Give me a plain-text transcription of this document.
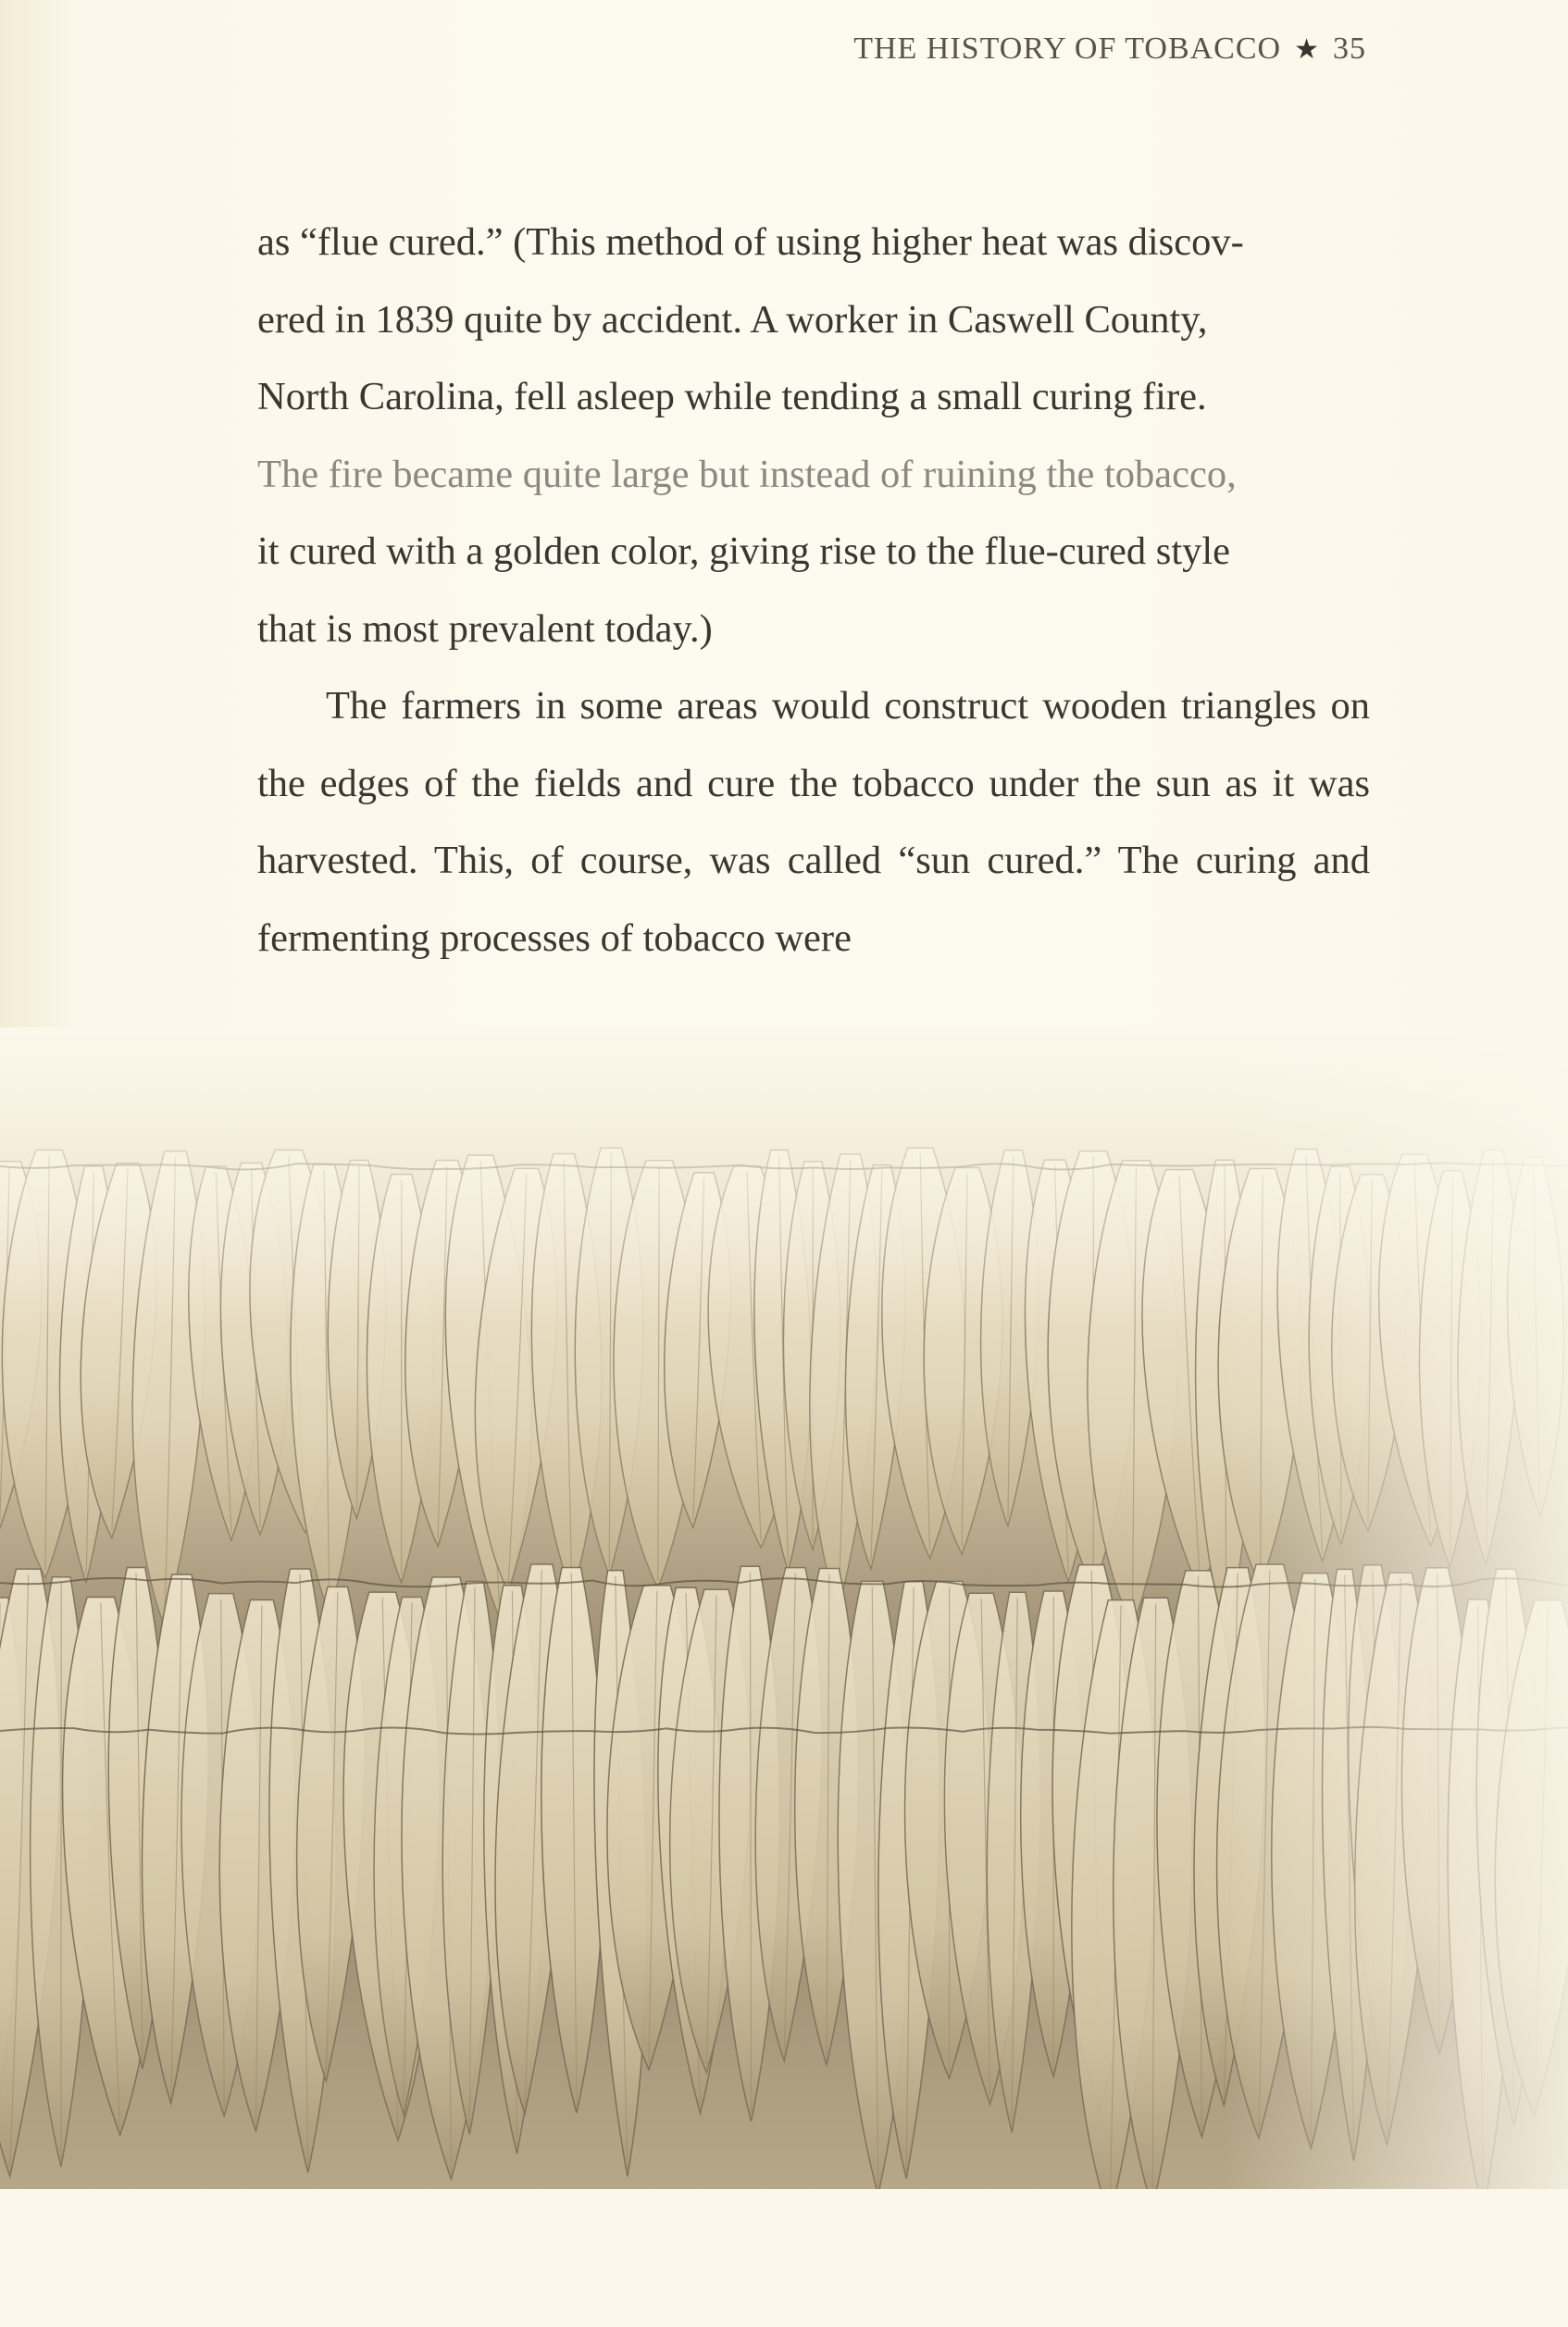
THE HISTORY OF TOBACCO ★ 35

as “flue cured.” (This method of using higher heat was discov-

ered in 1839 quite by accident. A worker in Caswell County,

North Carolina, fell asleep while tending a small curing fire.

The fire became quite large but instead of ruining the tobacco,

it cured with a golden color, giving rise to the flue-cured style

that is most prevalent today.)

The farmers in some areas would construct wooden triangles on the edges of the fields and cure the tobacco under the sun as it was harvested. This, of course, was called “sun cured.” The curing and fermenting processes of tobacco were
